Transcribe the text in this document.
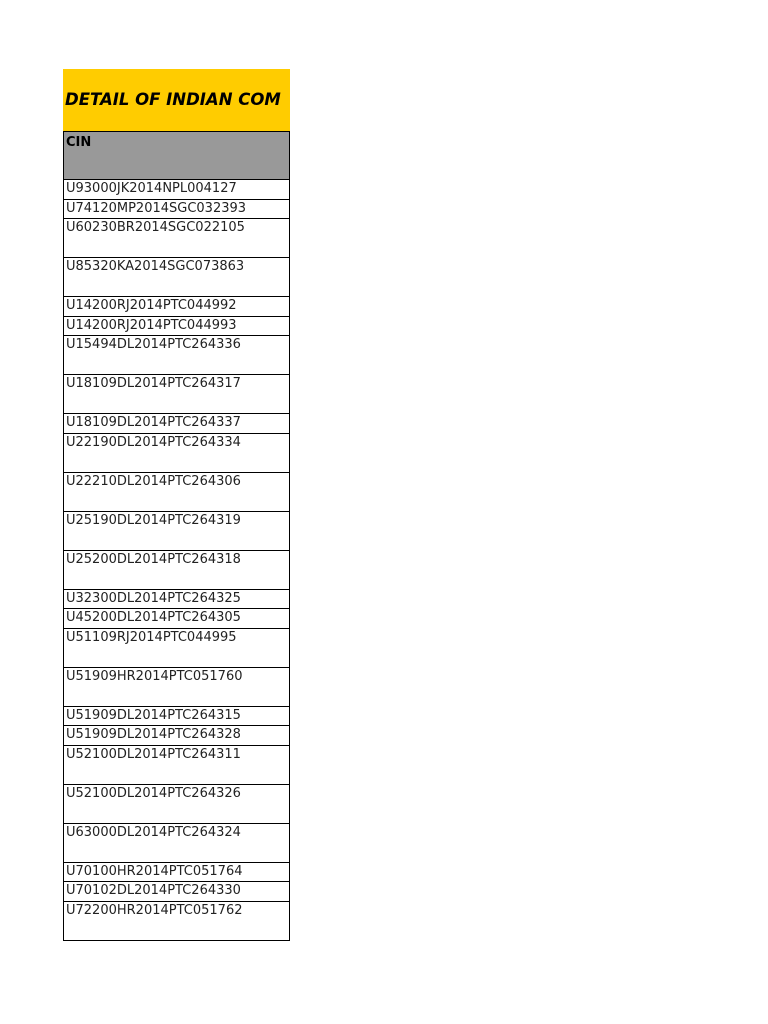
DETAIL OF INDIAN COM
CIN
U93000JK2014NPL004127
U74120MP2014SGC032393
U60230BR2014SGC022105
U85320KA2014SGC073863
U14200RJ2014PTC044992
U14200RJ2014PTC044993
U15494DL2014PTC264336
U18109DL2014PTC264317
U18109DL2014PTC264337
U22190DL2014PTC264334
U22210DL2014PTC264306
U25190DL2014PTC264319
U25200DL2014PTC264318
U32300DL2014PTC264325
U45200DL2014PTC264305
U51109RJ2014PTC044995
U51909HR2014PTC051760
U51909DL2014PTC264315
U51909DL2014PTC264328
U52100DL2014PTC264311
U52100DL2014PTC264326
U63000DL2014PTC264324
U70100HR2014PTC051764
U70102DL2014PTC264330
U72200HR2014PTC051762
